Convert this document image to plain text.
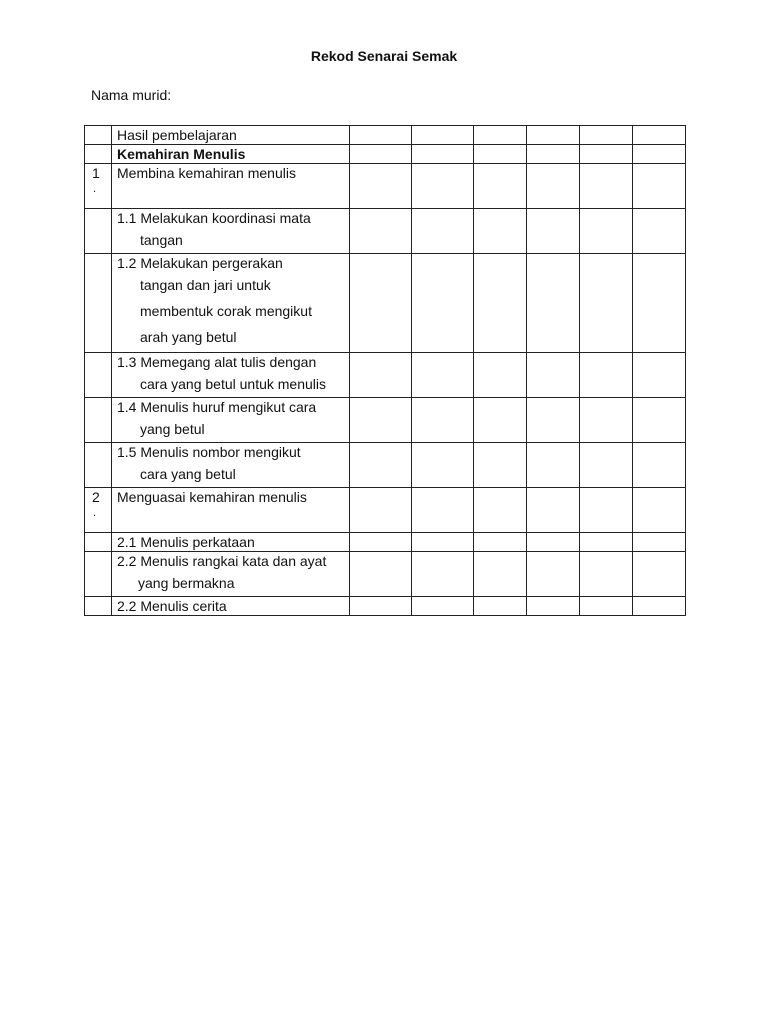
Rekod Senarai Semak
Nama murid:

	Hasil pembelajaran						

	Kemahiran Menulis						

1
.	Membina kemahiran menulis						

	1.1 Melakukan koordinasi mata
tangan						

	1.2 Melakukan pergerakan
tangan dan jari untuk
membentuk corak mengikut
arah yang betul						

	1.3 Memegang alat tulis dengan
cara yang betul untuk menulis						

	1.4 Menulis huruf mengikut cara
yang betul						

	1.5 Menulis nombor mengikut
cara yang betul						

2
.	Menguasai kemahiran menulis						

	2.1 Menulis perkataan						

	2.2 Menulis rangkai kata dan ayat
yang bermakna						

	2.2 Menulis cerita						
